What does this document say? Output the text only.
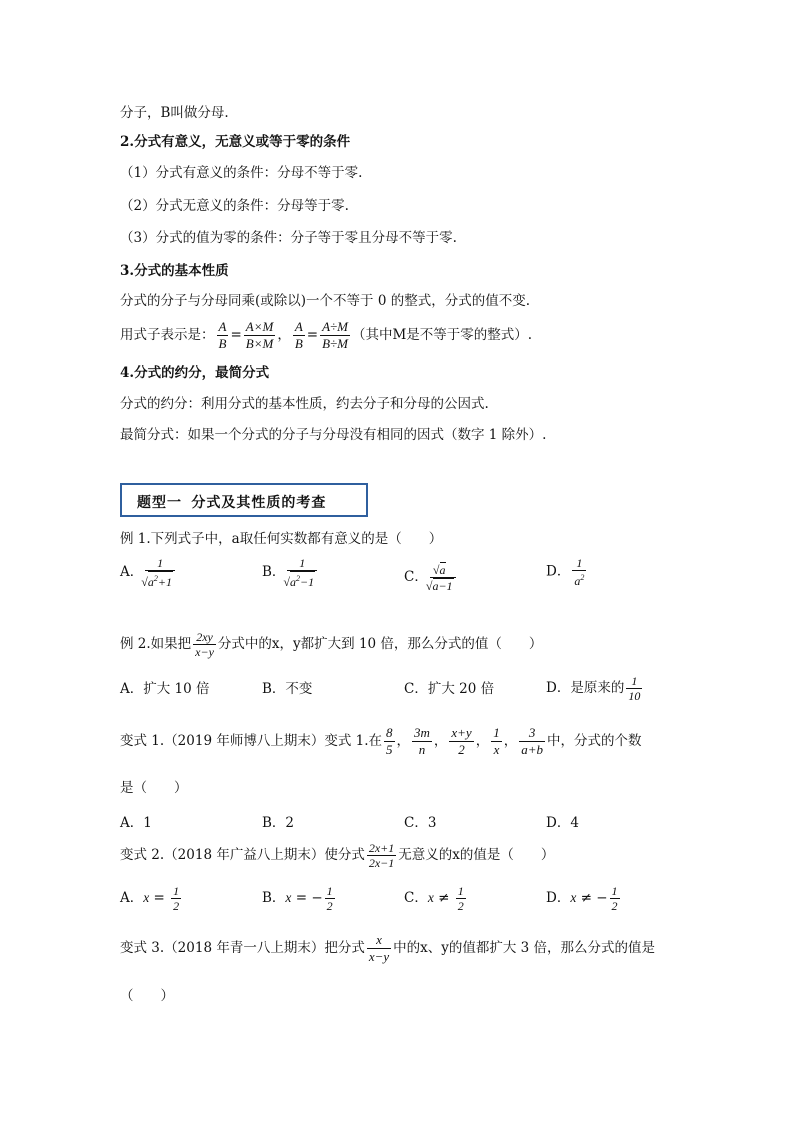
分子，B叫做分母.
2.分式有意义，无意义或等于零的条件
（1）分式有意义的条件：分母不等于零.
（2）分式无意义的条件：分母等于零.
（3）分式的值为零的条件：分子等于零且分母不等于零.
3.分式的基本性质
分式的分子与分母同乘(或除以)一个不等于 0 的整式，分式的值不变.
用式子表示是： $\frac{A}{B} = \frac{A\times M}{B\times M}$ ， $\frac{A}{B} = \frac{A\div M}{B\div M}$ （其中M是不等于零的整式）.
4.分式的约分，最简分式
分式的约分：利用分式的基本性质，约去分子和分母的公因式.
最简分式：如果一个分式的分子与分母没有相同的因式（数字 1 除外）.
题型一 分式及其性质的考查
例 1.下列式子中，a取任何实数都有意义的是（　　）
A． 1
√ $a^2+1$	B． 1
√ $a^2-1$	C．
√ a
√ a−1	D． $\frac{1}{a^2}$
例 2.如果把 $\frac{2xy}{x-y}$ 分式中的x，y都扩大到 10 倍，那么分式的值（　　）
A．扩大 10 倍	B．不变	C．扩大 20 倍	D．是原来的 $\frac{1}{10}$
变式 1.（2019 年师博八上期末）变式 1.在 $\frac{8}{5}$ ， $\frac{3m}{n}$ ， $\frac{x+y}{2}$ ， $\frac{1}{x}$ ， $\frac{3}{a+b}$ 中，分式的个数
是（　　）
A．1	B．2	C．3	D．4
变式 2.（2018 年广益八上期末）使分式 $\frac{2x+1}{2x-1}$ 无意义的x的值是（　　）
A．$x = \frac{1}{2}$	B．x = − $\frac{1}{2}$	C．$x \ne \frac{1}{2}$	D．x ≠ − $\frac{1}{2}$
变式 3.（2018 年青一八上期末）把分式 $\frac{x}{x-y}$ 中的x、y的值都扩大 3 倍，那么分式的值是
（　　）
